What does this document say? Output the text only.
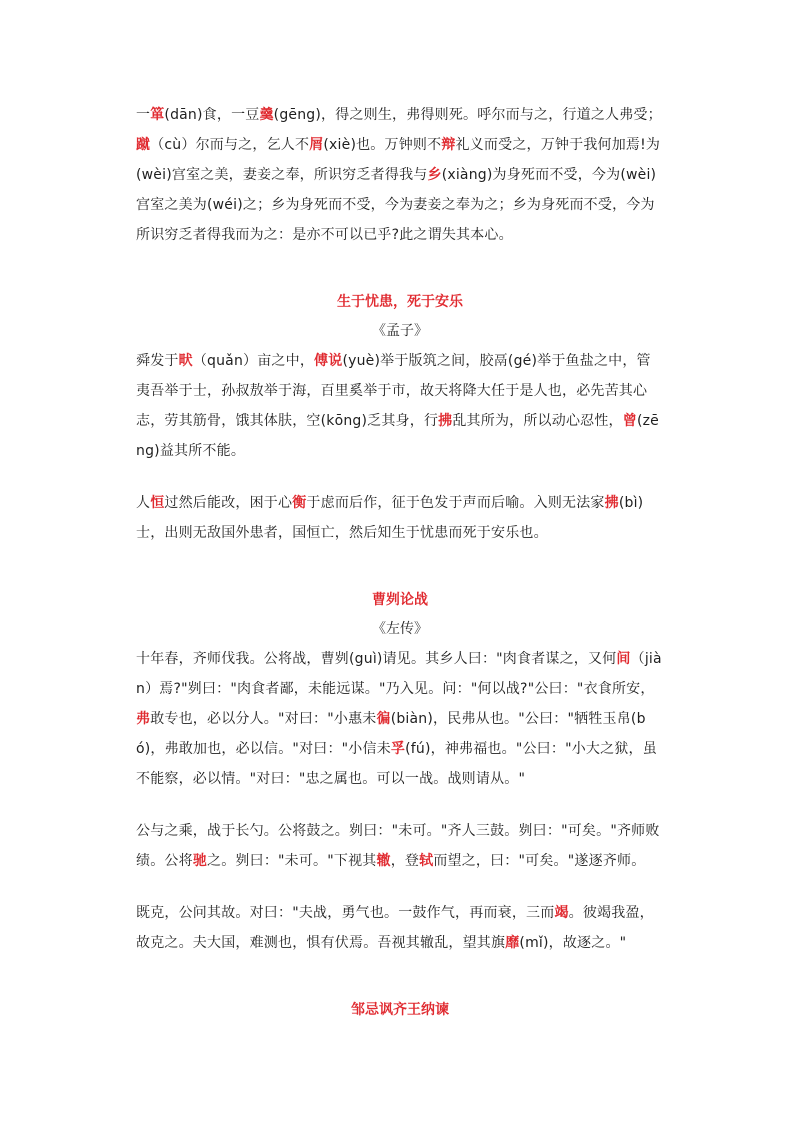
一箪(dān)食，一豆羹(gēng)，得之则生，弗得则死。呼尔而与之，行道之人弗受；蹴（cù）尔而与之，乞人不屑(xiè)也。万钟则不辩礼义而受之，万钟于我何加焉!为(wèi)宫室之美，妻妾之奉，所识穷乏者得我与乡(xiàng)为身死而不受，今为(wèi)宫室之美为(wéi)之；乡为身死而不受，今为妻妾之奉为之；乡为身死而不受，今为所识穷乏者得我而为之：是亦不可以已乎?此之谓失其本心。

生于忧患，死于安乐

《孟子》

舜发于畎（quǎn）亩之中，傅说(yuè)举于版筑之间，胶鬲(gé)举于鱼盐之中，管夷吾举于士，孙叔敖举于海，百里奚举于市，故天将降大任于是人也，必先苦其心志，劳其筋骨，饿其体肤，空(kōng)乏其身，行拂乱其所为，所以动心忍性，曾(zēng)益其所不能。

人恒过然后能改，困于心衡于虑而后作，征于色发于声而后喻。入则无法家拂(bì)士，出则无敌国外患者，国恒亡，然后知生于忧患而死于安乐也。

曹刿论战

《左传》

十年春，齐师伐我。公将战，曹刿(guì)请见。其乡人曰："肉食者谋之，又何间（jiàn）焉?"刿曰："肉食者鄙，未能远谋。"乃入见。问："何以战?"公曰："衣食所安，弗敢专也，必以分人。"对曰："小惠未徧(biàn)，民弗从也。"公曰："牺牲玉帛(bó)，弗敢加也，必以信。"对曰："小信未孚(fú)，神弗福也。"公曰："小大之狱，虽不能察，必以情。"对曰："忠之属也。可以一战。战则请从。"

公与之乘，战于长勺。公将鼓之。刿曰："未可。"齐人三鼓。刿曰："可矣。"齐师败绩。公将驰之。刿曰："未可。"下视其辙，登轼而望之，曰："可矣。"遂逐齐师。

既克，公问其故。对曰："夫战，勇气也。一鼓作气，再而衰，三而竭。彼竭我盈，故克之。夫大国，难测也，惧有伏焉。吾视其辙乱，望其旗靡(mǐ)，故逐之。"

邹忌讽齐王纳谏
